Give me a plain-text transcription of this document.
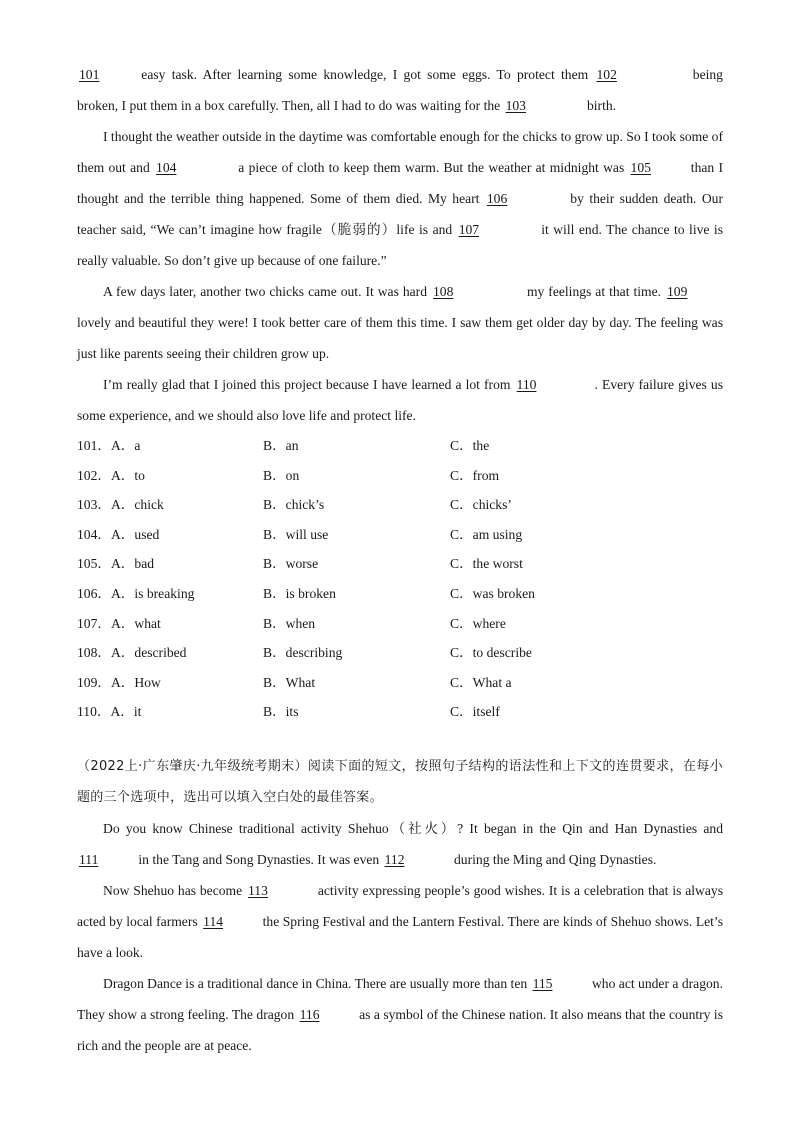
101	easy task. After learning some knowledge, I got some eggs. To protect them 102	being broken, I put them in a box carefully. Then, all I had to do was waiting for the 103	birth.

I thought the weather outside in the daytime was comfortable enough for the chicks to grow up. So I took some of them out and 104	a piece of cloth to keep them warm. But the weather at midnight was 105	than I thought and the terrible thing happened. Some of them died. My heart 106	by their sudden death. Our teacher said, “We can’t imagine how fragile（脆弱的）life is and 107	it will end. The chance to live is really valuable. So don’t give up because of one failure.”

A few days later, another two chicks came out. It was hard 108	my feelings at that time. 109 lovely and beautiful they were! I took better care of them this time. I saw them get older day by day. The feeling was just like parents seeing their children grow up.

I’m really glad that I joined this project because I have learned a lot from 110	. Every failure gives us some experience, and we should also love life and protect life.

101．A．a	B．an	C．the
102．A．to	B．on	C．from
103．A．chick	B．chick’s	C．chicks’
104．A．used	B．will use	C．am using
105．A．bad	B．worse	C．the worst
106．A．is breaking	B．is broken	C．was broken
107．A．what	B．when	C．where
108．A．described	B．describing	C．to describe
109．A．How	B．What	C．What a
110．A．it	B．its	C．itself

（2022上·广东肇庆·九年级统考期末）阅读下面的短文，按照句子结构的语法性和上下文的连贯要求，在每小题的三个选项中，选出可以填入空白处的最佳答案。

Do you know Chinese traditional activity Shehuo（社火）? It began in the Qin and Han Dynasties and 111	in the Tang and Song Dynasties. It was even 112	during the Ming and Qing Dynasties.

Now Shehuo has become 113	activity expressing people’s good wishes. It is a celebration that is always acted by local farmers 114	the Spring Festival and the Lantern Festival. There are kinds of Shehuo shows. Let’s have a look.

Dragon Dance is a traditional dance in China. There are usually more than ten 115	who act under a dragon. They show a strong feeling. The dragon 116	as a symbol of the Chinese nation. It also means that the country is rich and the people are at peace.
